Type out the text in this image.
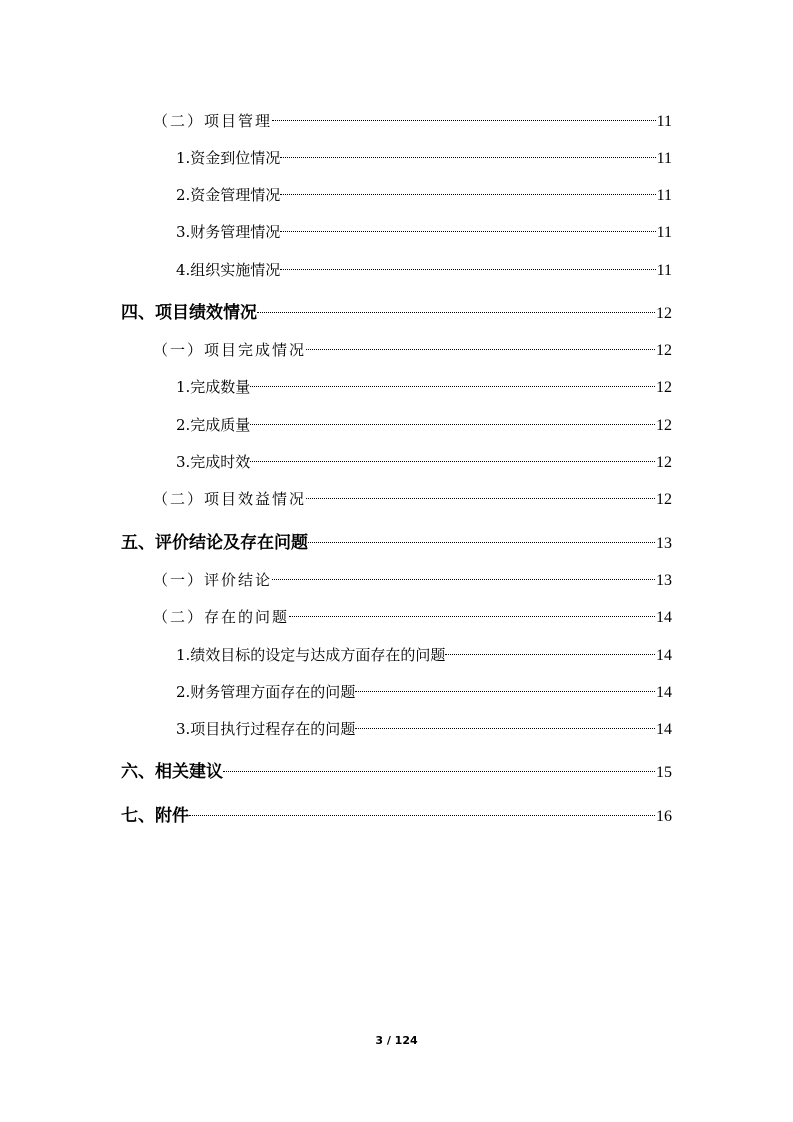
（二）项目管理	11
1.资金到位情况	11
2.资金管理情况	11
3.财务管理情况	11
4.组织实施情况	11
四、项目绩效情况	12
（一）项目完成情况	12
1.完成数量	12
2.完成质量	12
3.完成时效	12
（二）项目效益情况	12
五、评价结论及存在问题	13
（一）评价结论	13
（二）存在的问题	14
1.绩效目标的设定与达成方面存在的问题	14
2.财务管理方面存在的问题	14
3.项目执行过程存在的问题	14
六、相关建议	15
七、附件	16
3 / 124
